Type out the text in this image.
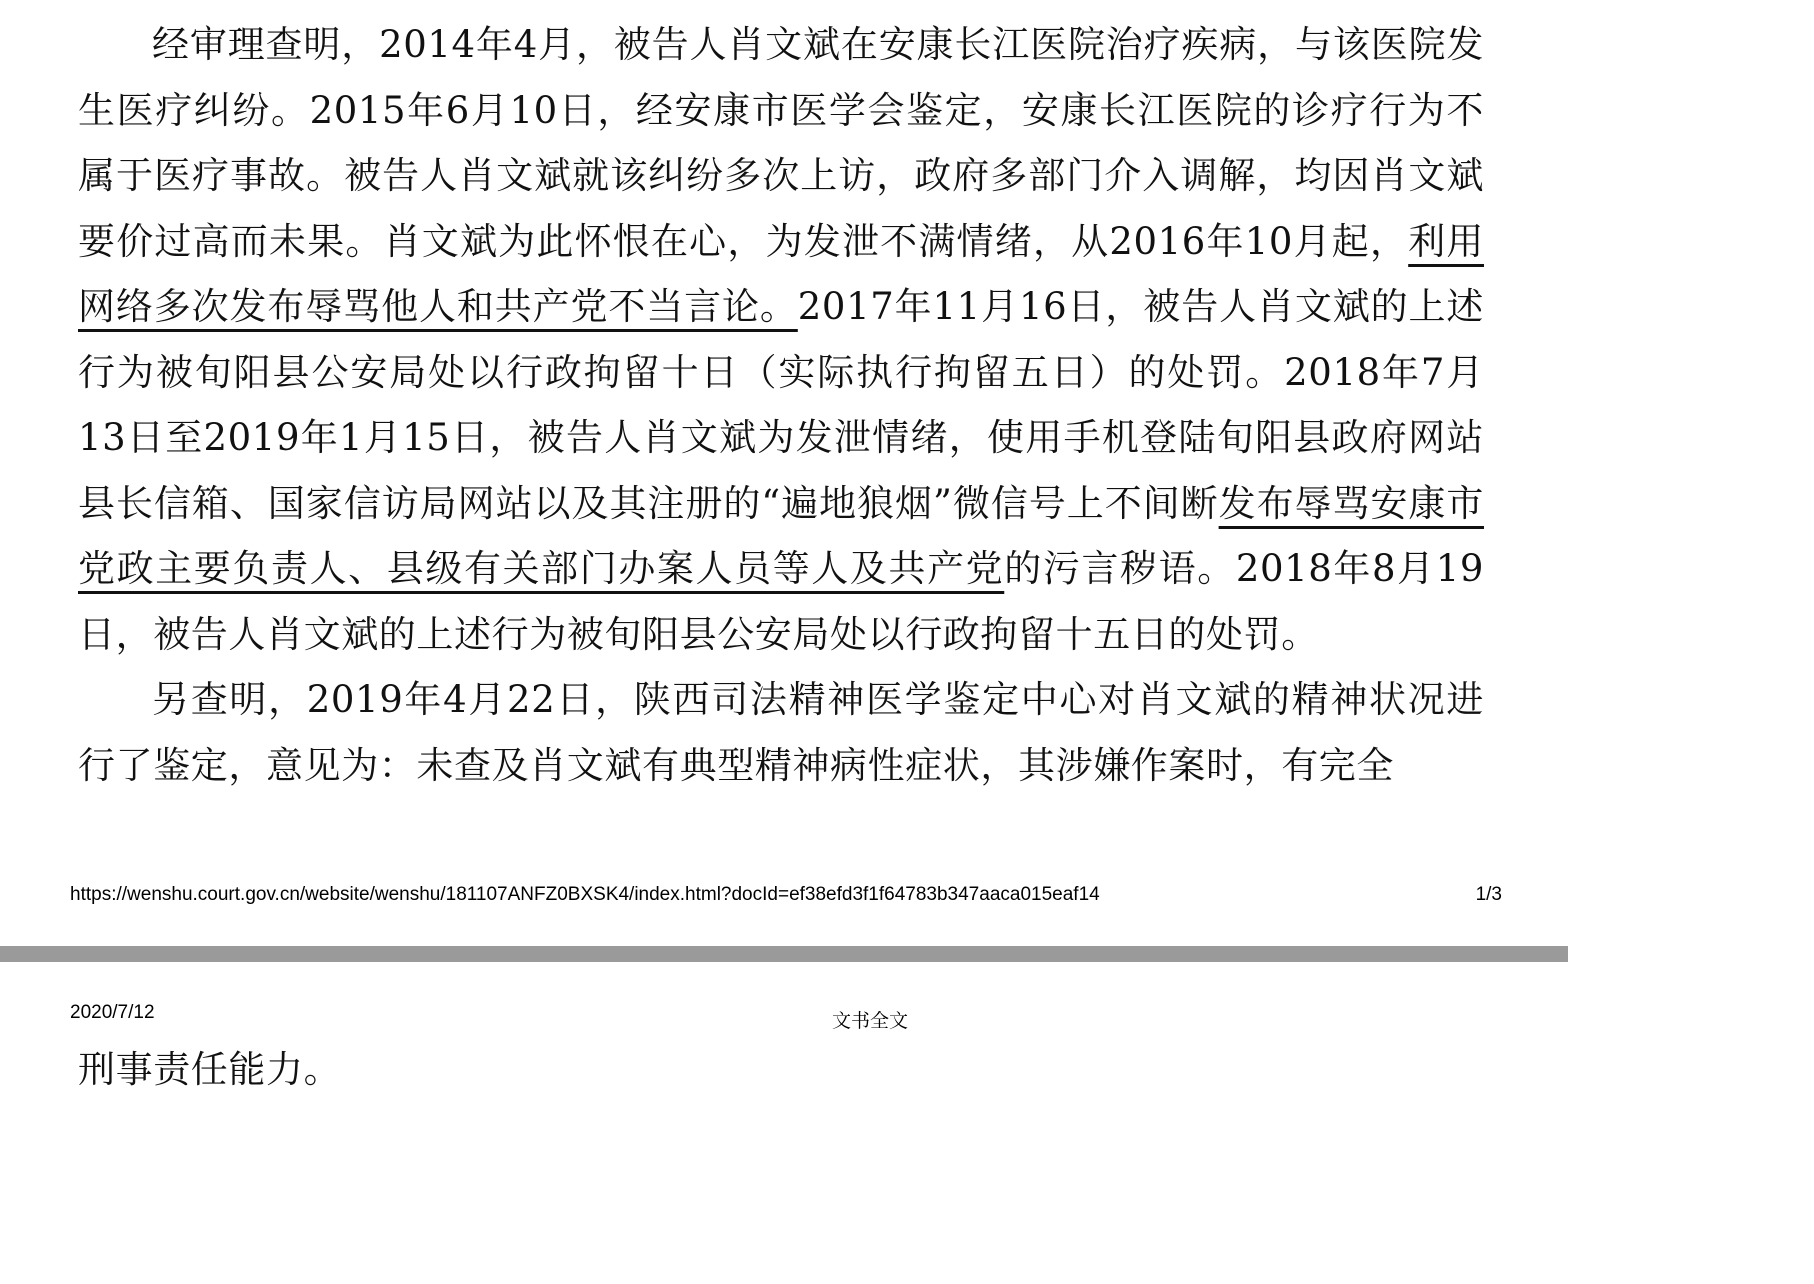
经审理查明，2014年4月，被告人肖文斌在安康长江医院治疗疾病，与该医院发生医疗纠纷。2015年6月10日，经安康市医学会鉴定，安康长江医院的诊疗行为不属于医疗事故。被告人肖文斌就该纠纷多次上访，政府多部门介入调解，均因肖文斌要价过高而未果。肖文斌为此怀恨在心，为发泄不满情绪，从2016年10月起，利用网络多次发布辱骂他人和共产党不当言论。2017年11月16日，被告人肖文斌的上述行为被旬阳县公安局处以行政拘留十日（实际执行拘留五日）的处罚。2018年7月13日至2019年1月15日，被告人肖文斌为发泄情绪，使用手机登陆旬阳县政府网站县长信箱、国家信访局网站以及其注册的“遍地狼烟”微信号上不间断发布辱骂安康市党政主要负责人、县级有关部门办案人员等人及共产党的污言秽语。2018年8月19日，被告人肖文斌的上述行为被旬阳县公安局处以行政拘留十五日的处罚。

另查明，2019年4月22日，陕西司法精神医学鉴定中心对肖文斌的精神状况进行了鉴定，意见为：未查及肖文斌有典型精神病性症状，其涉嫌作案时，有完全

https://wenshu.court.gov.cn/website/wenshu/181107ANFZ0BXSK4/index.html?docId=ef38efd3f1f64783b347aaca015eaf14	1/3
2020/7/12	文书全文

刑事责任能力。
